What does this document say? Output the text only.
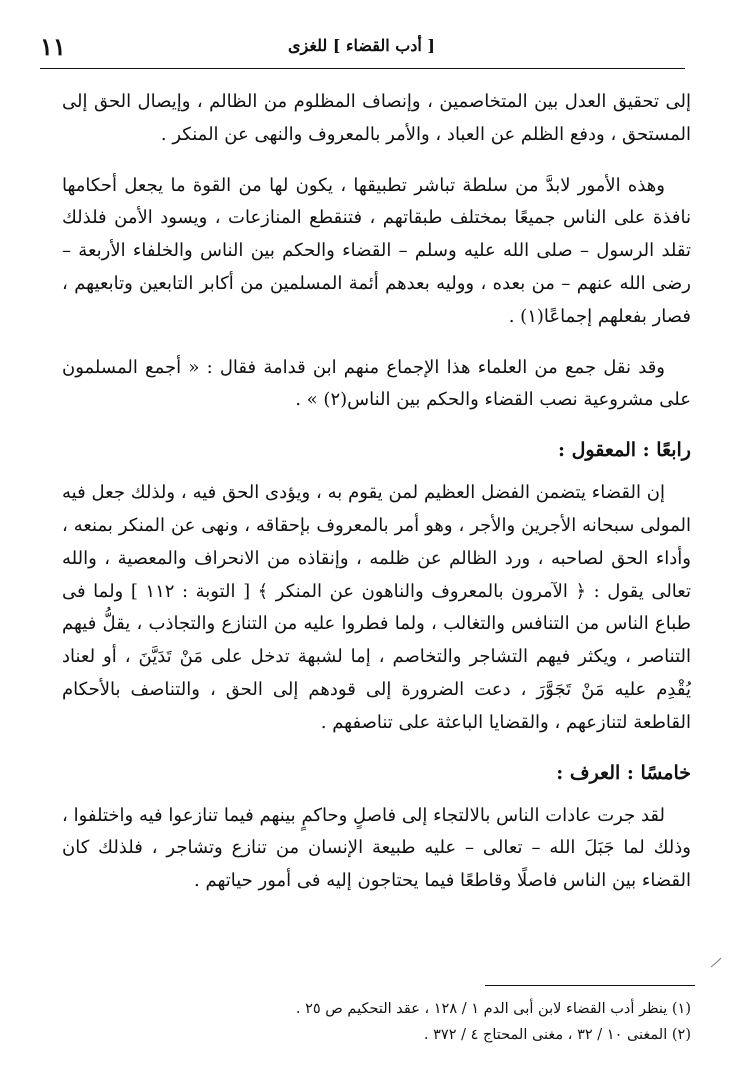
[ أدب القضاء ] للغزى
١١

إلى تحقيق العدل بين المتخاصمين ، وإنصاف المظلوم من الظالم ، وإيصال الحق إلى المستحق ، ودفع الظلم عن العباد ، والأمر بالمعروف والنهى عن المنكر .

وهذه الأمور لابدَّ من سلطة تباشر تطبيقها ، يكون لها من القوة ما يجعل أحكامها نافذة على الناس جميعًا بمختلف طبقاتهم ، فتنقطع المنازعات ، ويسود الأمن فلذلك تقلد الرسول – صلى الله عليه وسلم – القضاء والحكم بين الناس والخلفاء الأربعة – رضى الله عنهم – من بعده ، ووليه بعدهم أئمة المسلمين من أكابر التابعين وتابعيهم ، فصار بفعلهم إجماعًا(١) .

وقد نقل جمع من العلماء هذا الإجماع منهم ابن قدامة فقال : « أجمع المسلمون على مشروعية نصب القضاء والحكم بين الناس(٢) » .

رابعًا : المعقول :

إن القضاء يتضمن الفضل العظيم لمن يقوم به ، ويؤدى الحق فيه ، ولذلك جعل فيه المولى سبحانه الأجرين والأجر ، وهو أمر بالمعروف بإحقاقه ، ونهى عن المنكر بمنعه ، وأداء الحق لصاحبه ، ورد الظالم عن ظلمه ، وإنقاذه من الانحراف والمعصية ، والله تعالى يقول : ﴿ الآمرون بالمعروف والناهون عن المنكر ﴾ [ التوبة : ١١٢ ] ولما فى طباع الناس من التنافس والتغالب ، ولما فطروا عليه من التنازع والتجاذب ، يقلُّ فيهم التناصر ، ويكثر فيهم التشاجر والتخاصم ، إما لشبهة تدخل على مَنْ تَدَيَّنَ ، أو لعناد يُقْدِم عليه مَنْ تَجَوَّرَ ، دعت الضرورة إلى قودهم إلى الحق ، والتناصف بالأحكام القاطعة لتنازعهم ، والقضايا الباعثة على تناصفهم .

خامسًا : العرف :

لقد جرت عادات الناس بالالتجاء إلى فاصلٍ وحاكمٍ بينهم فيما تنازعوا فيه واختلفوا ، وذلك لما جَبَلَ الله – تعالى – عليه طبيعة الإنسان من تنازع وتشاجر ، فلذلك كان القضاء بين الناس فاصلًا وقاطعًا فيما يحتاجون إليه فى أمور حياتهم .

(١) ينظر أدب القضاء لابن أبى الدم ١ / ١٢٨ ، عقد التحكيم ص ٢٥ .

(٢) المغنى ١٠ / ٣٢ ، مغنى المحتاج ٤ / ٣٧٢ .
